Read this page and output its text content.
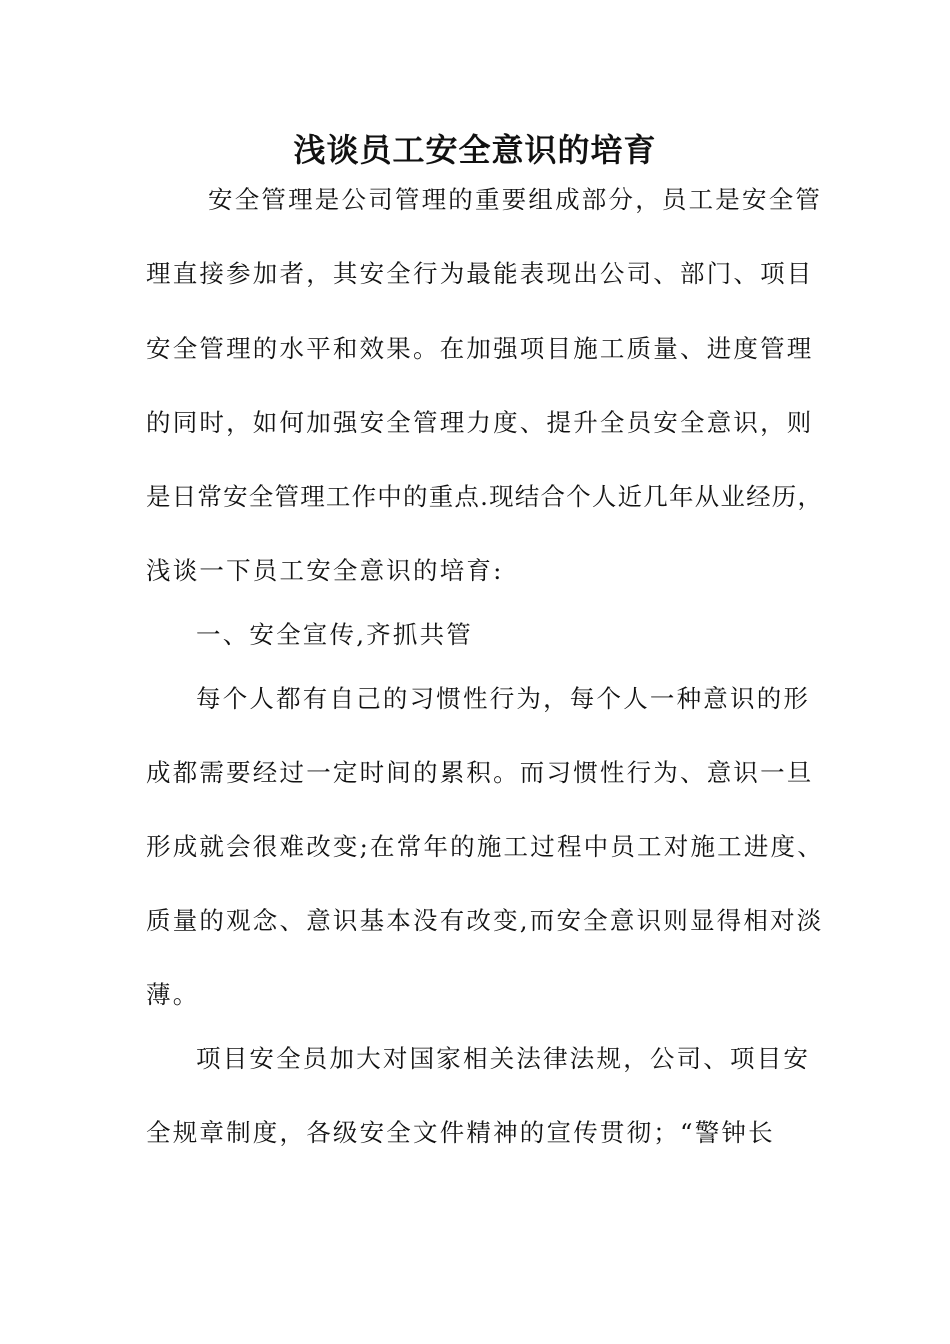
浅谈员工安全意识的培育

安全管理是公司管理的重要组成部分，员工是安全管

理直接参加者，其安全行为最能表现出公司、部门、项目

安全管理的水平和效果。在加强项目施工质量、进度管理

的同时，如何加强安全管理力度、提升全员安全意识，则

是日常安全管理工作中的重点.现结合个人近几年从业经历，

浅谈一下员工安全意识的培育:

一、安全宣传,齐抓共管

每个人都有自己的习惯性行为，每个人一种意识的形

成都需要经过一定时间的累积。而习惯性行为、意识一旦

形成就会很难改变;在常年的施工过程中员工对施工进度、

质量的观念、意识基本没有改变,而安全意识则显得相对淡

薄。

项目安全员加大对国家相关法律法规，公司、项目安

全规章制度，各级安全文件精神的宣传贯彻；“警钟长
